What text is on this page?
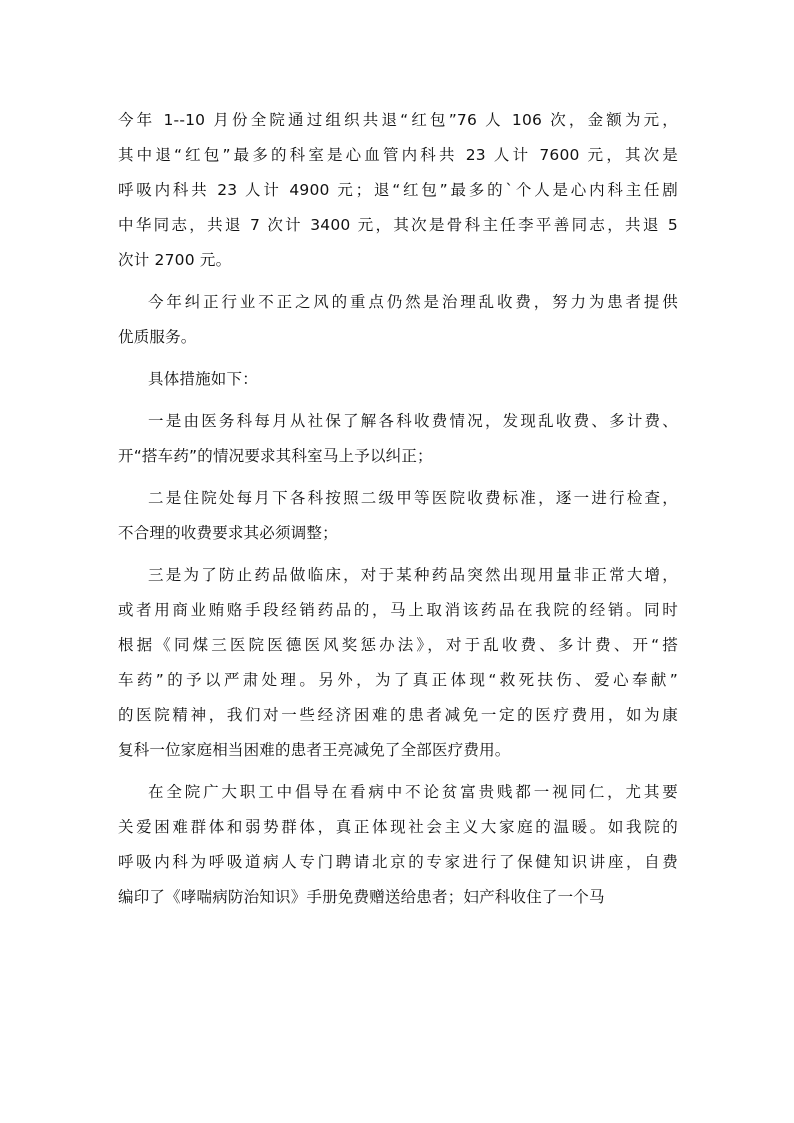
今年 1--10 月份全院通过组织共退“红包”76 人 106 次，金额为元，
其中退“红包”最多的科室是心血管内科共 23 人计 7600 元，其次是
呼吸内科共 23 人计 4900 元；退“红包”最多的`个人是心内科主任剧
中华同志，共退 7 次计 3400 元，其次是骨科主任李平善同志，共退 5
次计 2700 元。
今年纠正行业不正之风的重点仍然是治理乱收费，努力为患者提供
优质服务。
具体措施如下：
一是由医务科每月从社保了解各科收费情况，发现乱收费、多计费、
开“搭车药”的情况要求其科室马上予以纠正；
二是住院处每月下各科按照二级甲等医院收费标准，逐一进行检查，
不合理的收费要求其必须调整；
三是为了防止药品做临床，对于某种药品突然出现用量非正常大增，
或者用商业贿赂手段经销药品的，马上取消该药品在我院的经销。同时
根据《同煤三医院医德医风奖惩办法》，对于乱收费、多计费、开“搭
车药”的予以严肃处理。另外，为了真正体现“救死扶伤、爱心奉献”
的医院精神，我们对一些经济困难的患者减免一定的医疗费用，如为康
复科一位家庭相当困难的患者王亮减免了全部医疗费用。
在全院广大职工中倡导在看病中不论贫富贵贱都一视同仁，尤其要
关爱困难群体和弱势群体，真正体现社会主义大家庭的温暖。如我院的
呼吸内科为呼吸道病人专门聘请北京的专家进行了保健知识讲座，自费
编印了《哮喘病防治知识》手册免费赠送给患者；妇产科收住了一个马
